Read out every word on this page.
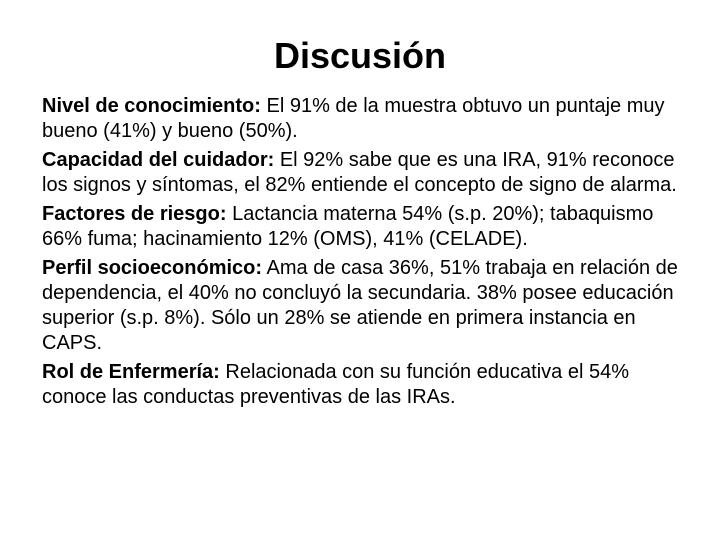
Discusión

Nivel de conocimiento: El 91% de la muestra obtuvo un puntaje muy bueno (41%) y bueno (50%).

Capacidad del cuidador: El 92% sabe que es una IRA, 91% reconoce los signos y síntomas, el 82% entiende el concepto de signo de alarma.

Factores de riesgo: Lactancia materna 54% (s.p. 20%); tabaquismo 66% fuma; hacinamiento 12% (OMS), 41% (CELADE).

Perfil socioeconómico: Ama de casa 36%, 51% trabaja en relación de dependencia, el 40% no concluyó la secundaria. 38% posee educación superior (s.p. 8%). Sólo un 28% se atiende en primera instancia en CAPS.

Rol de Enfermería: Relacionada con su función educativa el 54% conoce las conductas preventivas de las IRAs.
